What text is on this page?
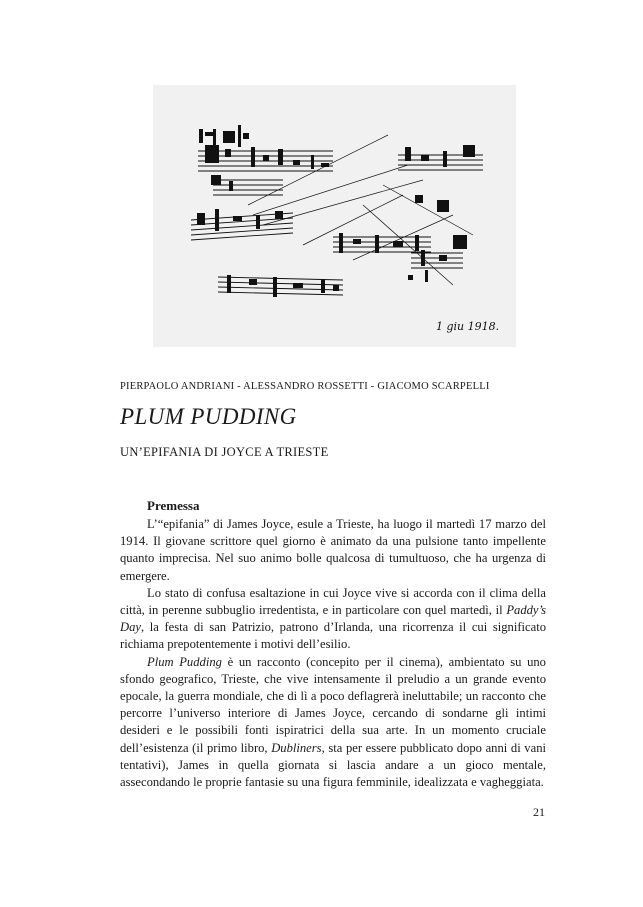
1 giu 1918.
PIERPAOLO ANDRIANI - ALESSANDRO ROSSETTI - GIACOMO SCARPELLI
PLUM PUDDING
UN’EPIFANIA DI JOYCE A TRIESTE
Premessa

L’“epifania” di James Joyce, esule a Trieste, ha luogo il martedì 17 marzo del 1914. Il giovane scrittore quel giorno è animato da una pulsione tanto impellente quanto imprecisa. Nel suo animo bolle qualcosa di tumultuoso, che ha urgenza di emergere.

Lo stato di confusa esaltazione in cui Joyce vive si accorda con il clima della città, in perenne subbuglio irredentista, e in particolare con quel martedì, il Paddy’s Day, la festa di san Patrizio, patrono d’Irlanda, una ricorrenza il cui significato richiama prepotentemente i motivi dell’esilio.

Plum Pudding è un racconto (concepito per il cinema), ambientato su uno sfondo geografico, Trieste, che vive intensamente il preludio a un grande evento epocale, la guerra mondiale, che di lì a poco deflagrerà ineluttabile; un racconto che percorre l’universo interiore di James Joyce, cercando di sondarne gli intimi desideri e le possibili fonti ispiratrici della sua arte. In un momento cruciale dell’esistenza (il primo libro, Dubliners, sta per essere pubblicato dopo anni di vani tentativi), James in quella giornata si lascia andare a un gioco mentale, assecondando le proprie fantasie su una figura femminile, idealizzata e vagheggiata.

21
